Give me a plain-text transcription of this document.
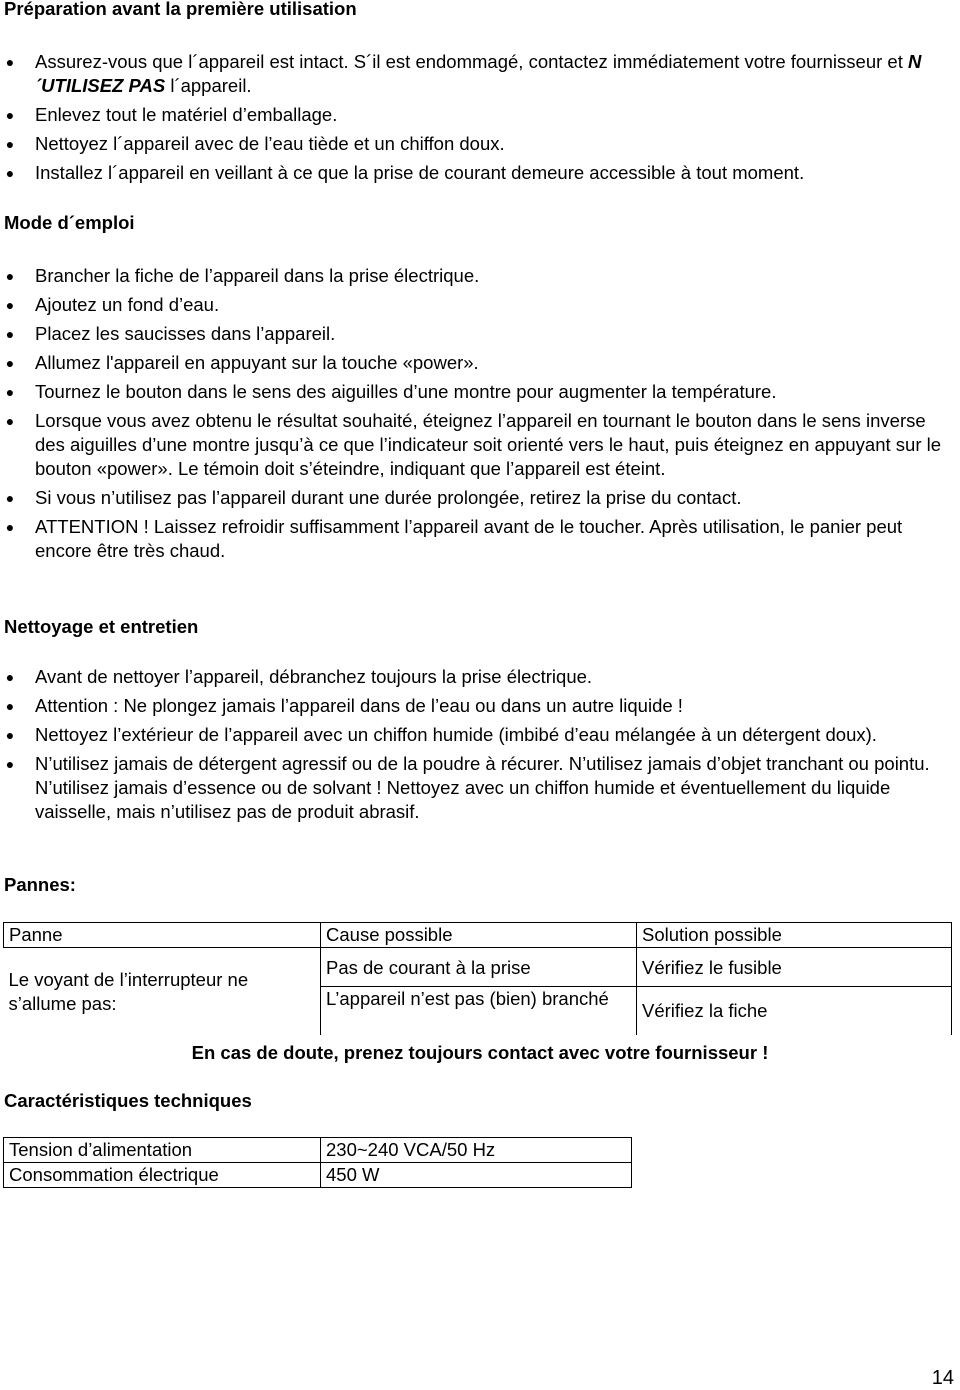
Préparation avant la première utilisation
● Assurez-vous que l´appareil est intact. S´il est endommagé, contactez immédiatement votre fournisseur et N´UTILISEZ PAS l´appareil.
● Enlevez tout le matériel d’emballage.
● Nettoyez l´appareil avec de l’eau tiède et un chiffon doux.
● Installez l´appareil en veillant à ce que la prise de courant demeure accessible à tout moment.
Mode d´emploi
● Brancher la fiche de l’appareil dans la prise électrique.
● Ajoutez un fond d’eau.
● Placez les saucisses dans l’appareil.
● Allumez l'appareil en appuyant sur la touche «power».
● Tournez le bouton dans le sens des aiguilles d’une montre pour augmenter la température.
● Lorsque vous avez obtenu le résultat souhaité, éteignez l’appareil en tournant le bouton dans le sens inverse des aiguilles d’une montre jusqu’à ce que l’indicateur soit orienté vers le haut, puis éteignez en appuyant sur le bouton «power». Le témoin doit s’éteindre, indiquant que l’appareil est éteint.
● Si vous n’utilisez pas l’appareil durant une durée prolongée, retirez la prise du contact.
● ATTENTION ! Laissez refroidir suffisamment l’appareil avant de le toucher. Après utilisation, le panier peut encore être très chaud.
Nettoyage et entretien
● Avant de nettoyer l’appareil, débranchez toujours la prise électrique.
● Attention : Ne plongez jamais l’appareil dans de l’eau ou dans un autre liquide !
● Nettoyez l’extérieur de l’appareil avec un chiffon humide (imbibé d’eau mélangée à un détergent doux).
● N’utilisez jamais de détergent agressif ou de la poudre à récurer. N’utilisez jamais d’objet tranchant ou pointu. N’utilisez jamais d’essence ou de solvant ! Nettoyez avec un chiffon humide et éventuellement du liquide vaisselle, mais n’utilisez pas de produit abrasif.
Pannes:
Panne	Cause possible	Solution possible
Le voyant de l’interrupteur ne s’allume pas:	Pas de courant à la prise	Vérifiez le fusible
	L’appareil n’est pas (bien) branché	Vérifiez la fiche
En cas de doute, prenez toujours contact avec votre fournisseur !
Caractéristiques techniques
Tension d’alimentation	230~240 VCA/50 Hz
Consommation électrique	450 W
14
